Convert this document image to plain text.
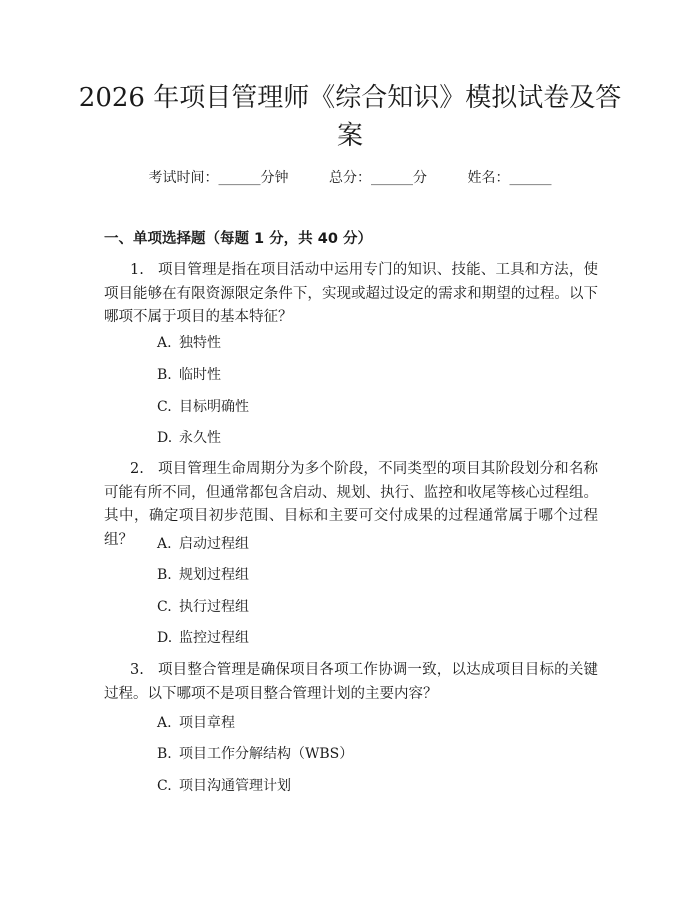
2026 年项目管理师《综合知识》模拟试卷及答案
考试时间：______分钟	总分：______分	姓名：______
一、单项选择题（每题 1 分，共 40 分）
1. 项目管理是指在项目活动中运用专门的知识、技能、工具和方法，使项目能够在有限资源限定条件下，实现或超过设定的需求和期望的过程。以下哪项不属于项目的基本特征？
A. 独特性
B. 临时性
C. 目标明确性
D. 永久性
2. 项目管理生命周期分为多个阶段，不同类型的项目其阶段划分和名称可能有所不同，但通常都包含启动、规划、执行、监控和收尾等核心过程组。其中，确定项目初步范围、目标和主要可交付成果的过程通常属于哪个过程组？	A. 启动过程组
B. 规划过程组
C. 执行过程组
D. 监控过程组
3. 项目整合管理是确保项目各项工作协调一致，以达成项目目标的关键过程。以下哪项不是项目整合管理计划的主要内容？
A. 项目章程
B. 项目工作分解结构（WBS）
C. 项目沟通管理计划
